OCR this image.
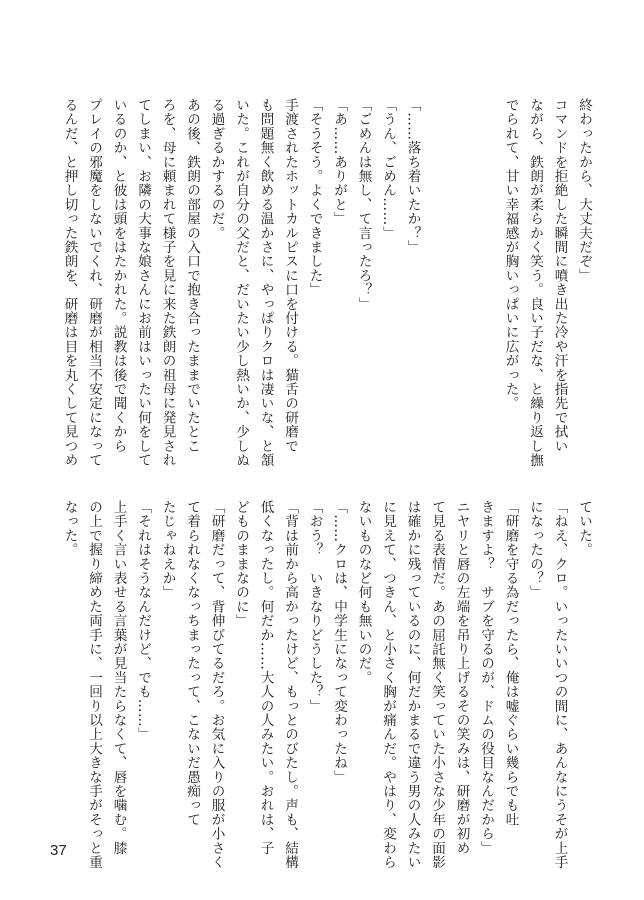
終わったから、大丈夫だぞ」
コマンドを拒絶した瞬間に噴き出た冷や汗を指先で拭い
ながら、鉄朗が柔らかく笑う。良い子だな、と繰り返し撫
でられて、甘い幸福感が胸いっぱいに広がった。

「……落ち着いたか？」
「うん、ごめん……」
「ごめんは無し、て言ったろ？」
「あ……ありがと」
「そうそう。よくできました」
手渡されたホットカルピスに口を付ける。猫舌の研磨で
も問題無く飲める温かさに、やっぱりクロは凄いな、と頷
いた。これが自分の父だと、だいたい少し熱いか、少しぬ
る過ぎるかするのだ。
あの後、鉄朗の部屋の入口で抱き合ったままでいたとこ
ろを、母に頼まれて様子を見に来た鉄朗の祖母に発見され
てしまい、お隣の大事な娘さんにお前はいったい何をして
いるのか、と彼は頭をはたかれた。説教は後で聞くから
プレイの邪魔をしないでくれ、研磨が相当不安定になって
るんだ、と押し切った鉄朗を、研磨は目を丸くして見つめ
ていた。
「ねえ、クロ。いったいいつの間に、あんなにうそが上手
になったの？」
「研磨を守る為だったら、俺は嘘ぐらい幾らでも吐
きますよ？　サブを守るのが、ドムの役目なんだから」
ニヤリと唇の左端を吊り上げるその笑みは、研磨が初め
て見る表情だ。あの屈託無く笑っていた小さな少年の面影
は確かに残っているのに、何だかまるで違う男の人みたい
に見えて、つきん、と小さく胸が痛んだ。やはり、変わら
ないものなど何も無いのだ。
「……クロは、中学生になって変わったね」
「おう？　いきなりどうした？」
「背は前から高かったけど、もっとのびたし。声も、結構
低くなったし。何だか……大人の人みたい。おれは、子
どものままなのに」
「研磨だって、背伸びてるだろ。お気に入りの服が小さく
て着られなくなっちまったって、こないだ愚痴って
たじゃねえか」
「それはそうなんだけど、でも……」
上手く言い表せる言葉が見当たらなくて、唇を噛む。膝
の上で握り締めた両手に、一回り以上大きな手がそっと重
なった。
37
